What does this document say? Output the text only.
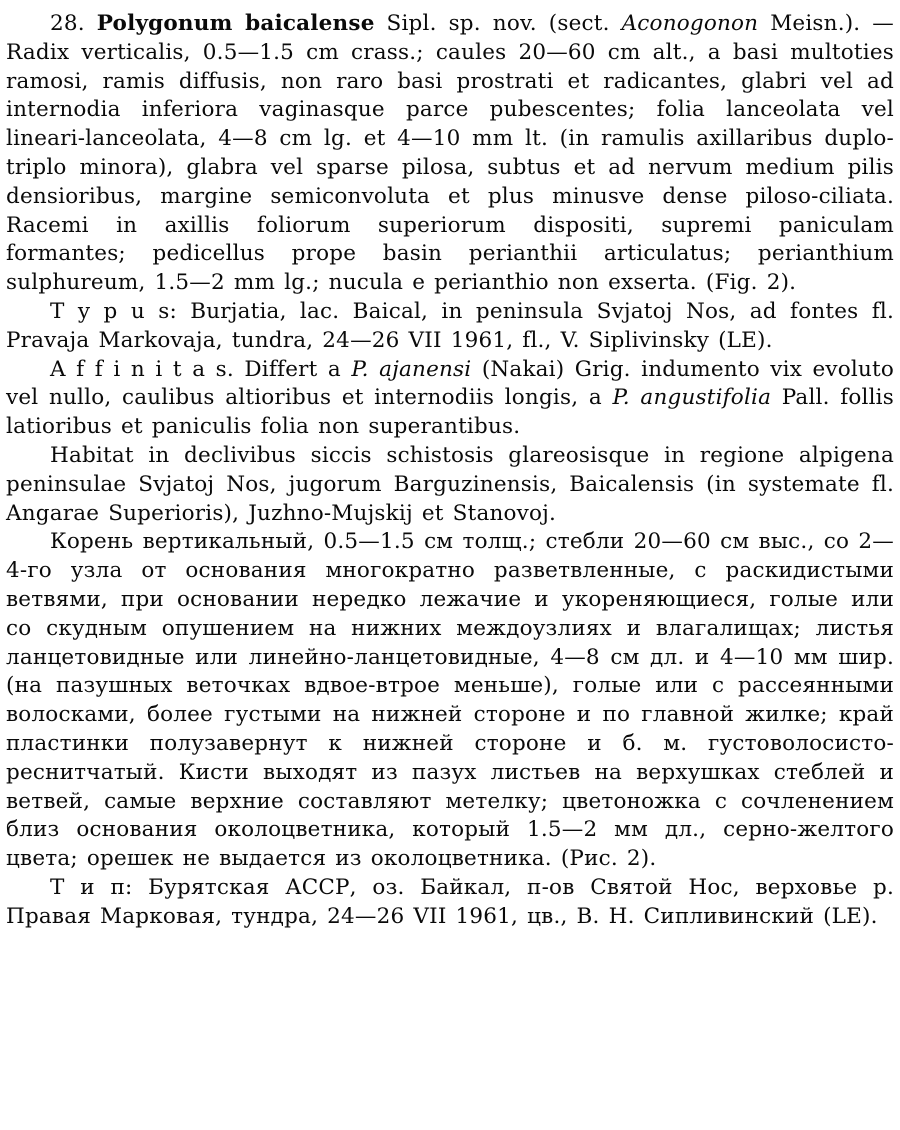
28. Polygonum baicalense Sipl. sp. nov. (sect. Aconogonon Meisn.). — Radix verticalis, 0.5—1.5 cm crass.; caules 20—60 cm alt., a basi multoties ramosi, ramis diffusis, non raro basi prostrati et radicantes, glabri vel ad internodia inferiora vaginasque parce pubescentes; folia lanceolata vel lineari-lanceolata, 4—8 cm lg. et 4—10 mm lt. (in ramulis axillaribus duplo-triplo minora), glabra vel sparse pilosa, subtus et ad nervum medium pilis densioribus, margine semiconvoluta et plus minusve dense piloso-ciliata. Racemi in axillis foliorum superiorum dispositi, supremi paniculam formantes; pedicellus prope basin perianthii articulatus; perianthium sulphureum, 1.5—2 mm lg.; nucula e perianthio non exserta. (Fig. 2).

T y p u s: Burjatia, lac. Baical, in peninsula Svjatoj Nos, ad fontes fl. Pravaja Markovaja, tundra, 24—26 VII 1961, fl., V. Siplivinsky (LE).

A f f i n i t a s. Differt a P. ajanensi (Nakai) Grig. indumento vix evoluto vel nullo, caulibus altioribus et internodiis longis, a P. angustifolia Pall. follis latioribus et paniculis folia non superantibus.

Habitat in declivibus siccis schistosis glareosisque in regione alpigena peninsulae Svjatoj Nos, jugorum Barguzinensis, Baicalensis (in systemate fl. Angarae Superioris), Juzhno-Mujskij et Stanovoj.

Корень вертикальный, 0.5—1.5 см толщ.; стебли 20—60 см выс., со 2—4-го узла от основания многократно разветвленные, с раскидистыми ветвями, при основании нередко лежачие и укореняющиеся, голые или со скудным опушением на нижних междоузлиях и влагалищах; листья ланцетовидные или линейно-ланцетовидные, 4—8 см дл. и 4—10 мм шир. (на пазушных веточках вдвое-втрое меньше), голые или с рассеянными волосками, более густыми на нижней стороне и по главной жилке; край пластинки полузавернут к нижней стороне и б. м. густоволосисто-реснитчатый. Кисти выходят из пазух листьев на верхушках стеблей и ветвей, самые верхние составляют метелку; цветоножка с сочленением близ основания околоцветника, который 1.5—2 мм дл., серно-желтого цвета; орешек не выдается из околоцветника. (Рис. 2).

Т и п: Бурятская АССР, оз. Байкал, п-ов Святой Нос, верховье р. Правая Марковая, тундра, 24—26 VII 1961, цв., В. Н. Сипливинский (LE).
